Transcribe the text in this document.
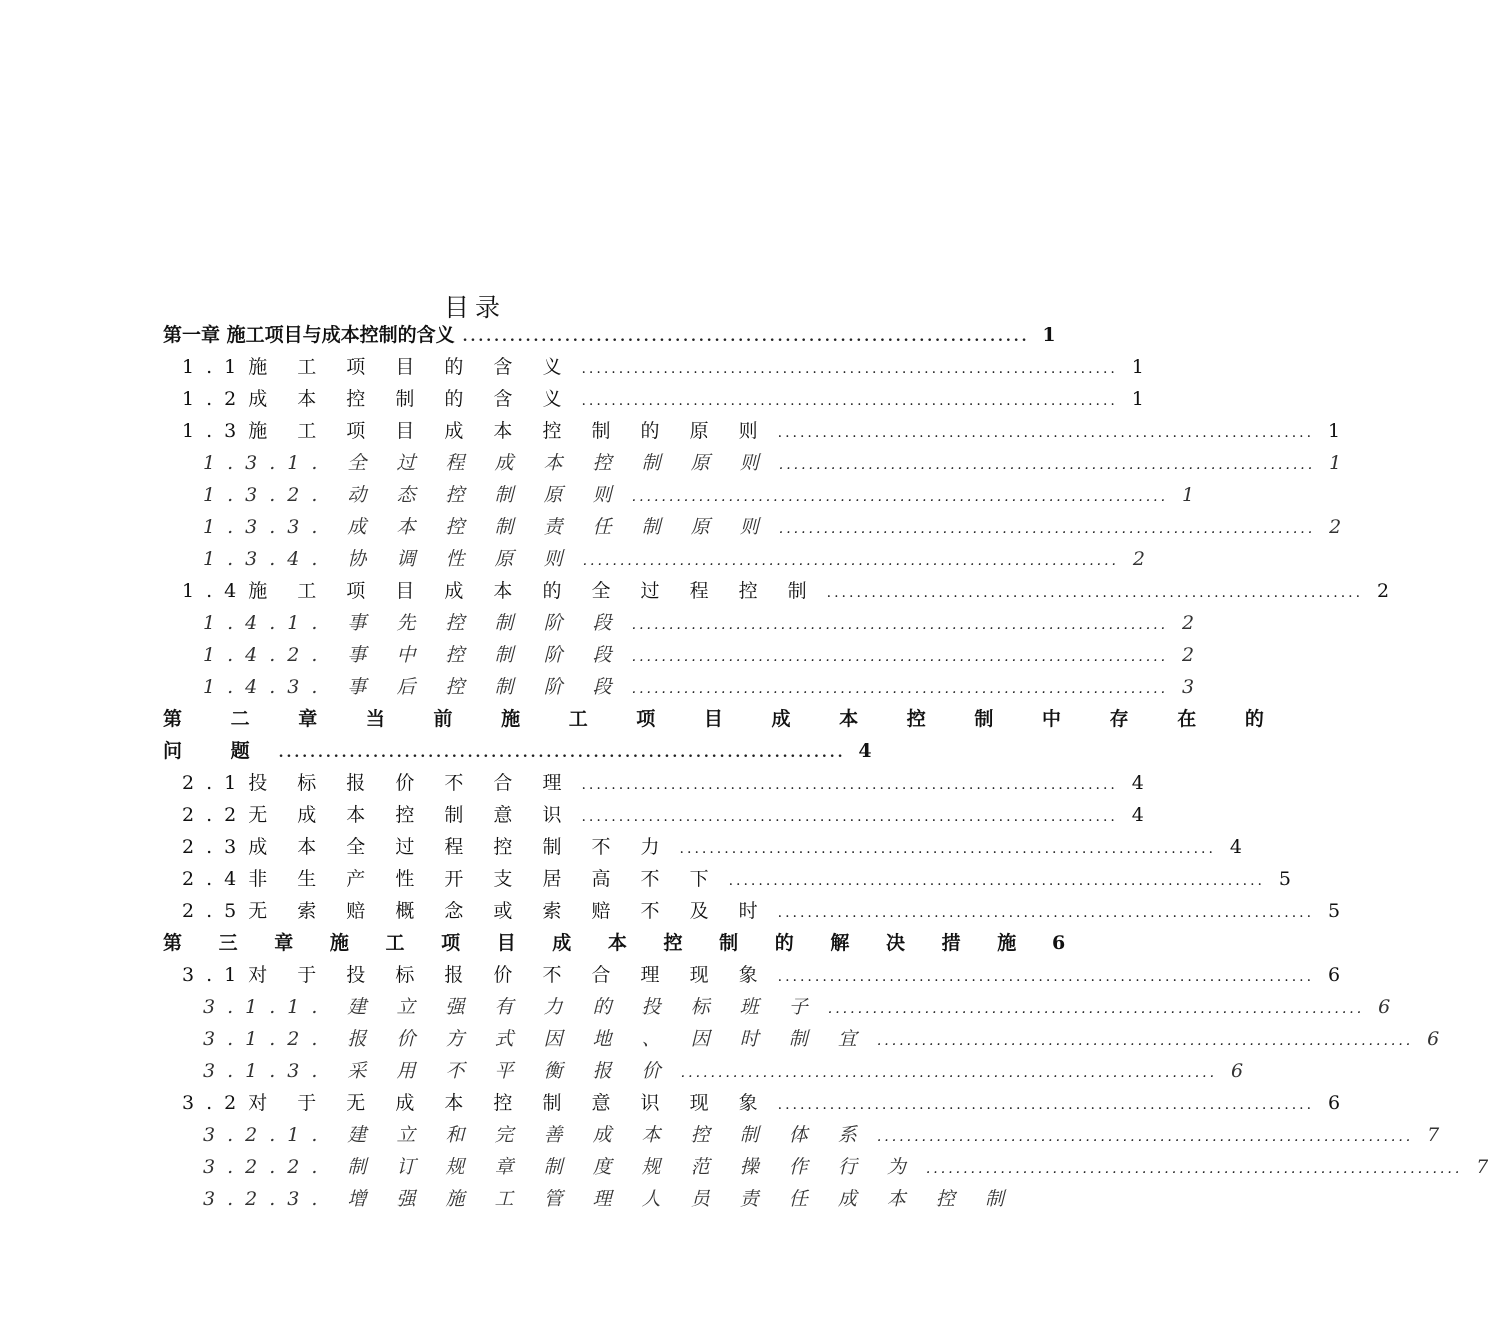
目录
第一章 施工项目与成本控制的含义 ........................................................................ 1
1.1施 工 项 目 的 含 义 ........................................................................ 1
1.2成 本 控 制 的 含 义 ........................................................................ 1
1.3施 工 项 目 成 本 控 制 的 原 则 ........................................................................ 1
1.3.1. 全 过 程 成 本 控 制 原 则 ........................................................................ 1
1.3.2. 动 态 控 制 原 则 ........................................................................ 1
1.3.3. 成 本 控 制 责 任 制 原 则 ........................................................................ 2
1.3.4. 协 调 性 原 则 ........................................................................ 2
1.4施 工 项 目 成 本 的 全 过 程 控 制 ........................................................................ 2
1.4.1. 事 先 控 制 阶 段 ........................................................................ 2
1.4.2. 事 中 控 制 阶 段 ........................................................................ 2
1.4.3. 事 后 控 制 阶 段 ........................................................................ 3
第 二 章 当 前 施 工 项 目 成 本 控 制 中 存 在 的
问 题 ........................................................................ 4
2.1投 标 报 价 不 合 理 ........................................................................ 4
2.2无 成 本 控 制 意 识 ........................................................................ 4
2.3成 本 全 过 程 控 制 不 力 ........................................................................ 4
2.4非 生 产 性 开 支 居 高 不 下 ........................................................................ 5
2.5无 索 赔 概 念 或 索 赔 不 及 时 ........................................................................ 5
第 三 章 施 工 项 目 成 本 控 制 的 解 决 措 施	6
3.1对 于 投 标 报 价 不 合 理 现 象 ........................................................................ 6
3.1.1. 建 立 强 有 力 的 投 标 班 子 ........................................................................ 6
3.1.2. 报 价 方 式 因 地 、 因 时 制 宜 ........................................................................ 6
3.1.3. 采 用 不 平 衡 报 价 ........................................................................ 6
3.2对 于 无 成 本 控 制 意 识 现 象 ........................................................................ 6
3.2.1. 建 立 和 完 善 成 本 控 制 体 系 ........................................................................ 7
3.2.2. 制 订 规 章 制 度 规 范 操 作 行 为 ........................................................................ 7
3.2.3. 增 强 施 工 管 理 人 员 责 任 成 本 控 制
